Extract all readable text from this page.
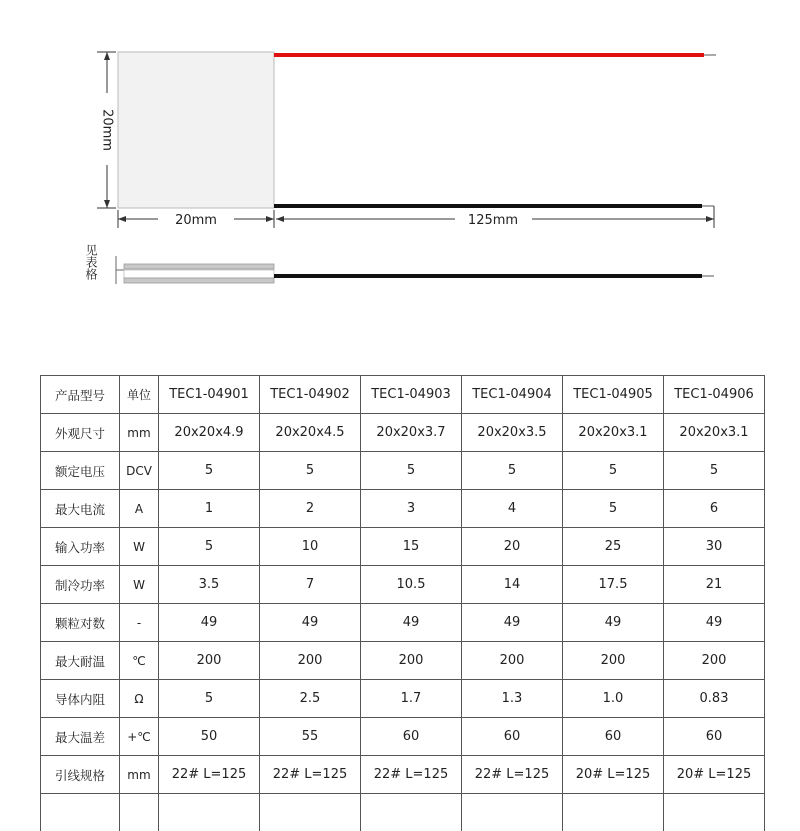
20mm
20mm	125mm
见表格
产品型号	单位	TEC1-04901	TEC1-04902	TEC1-04903	TEC1-04904	TEC1-04905	TEC1-04906
外观尺寸	mm	20x20x4.9	20x20x4.5	20x20x3.7	20x20x3.5	20x20x3.1	20x20x3.1
额定电压	DCV	5	5	5	5	5	5
最大电流	A	1	2	3	4	5	6
输入功率	W	5	10	15	20	25	30
制冷功率	W	3.5	7	10.5	14	17.5	21
颗粒对数	-	49	49	49	49	49	49
最大耐温	℃	200	200	200	200	200	200
导体内阻	Ω	5	2.5	1.7	1.3	1.0	0.83
最大温差	+℃	50	55	60	60	60	60
引线规格	mm	22# L=125	22# L=125	22# L=125	22# L=125	20# L=125	20# L=125
